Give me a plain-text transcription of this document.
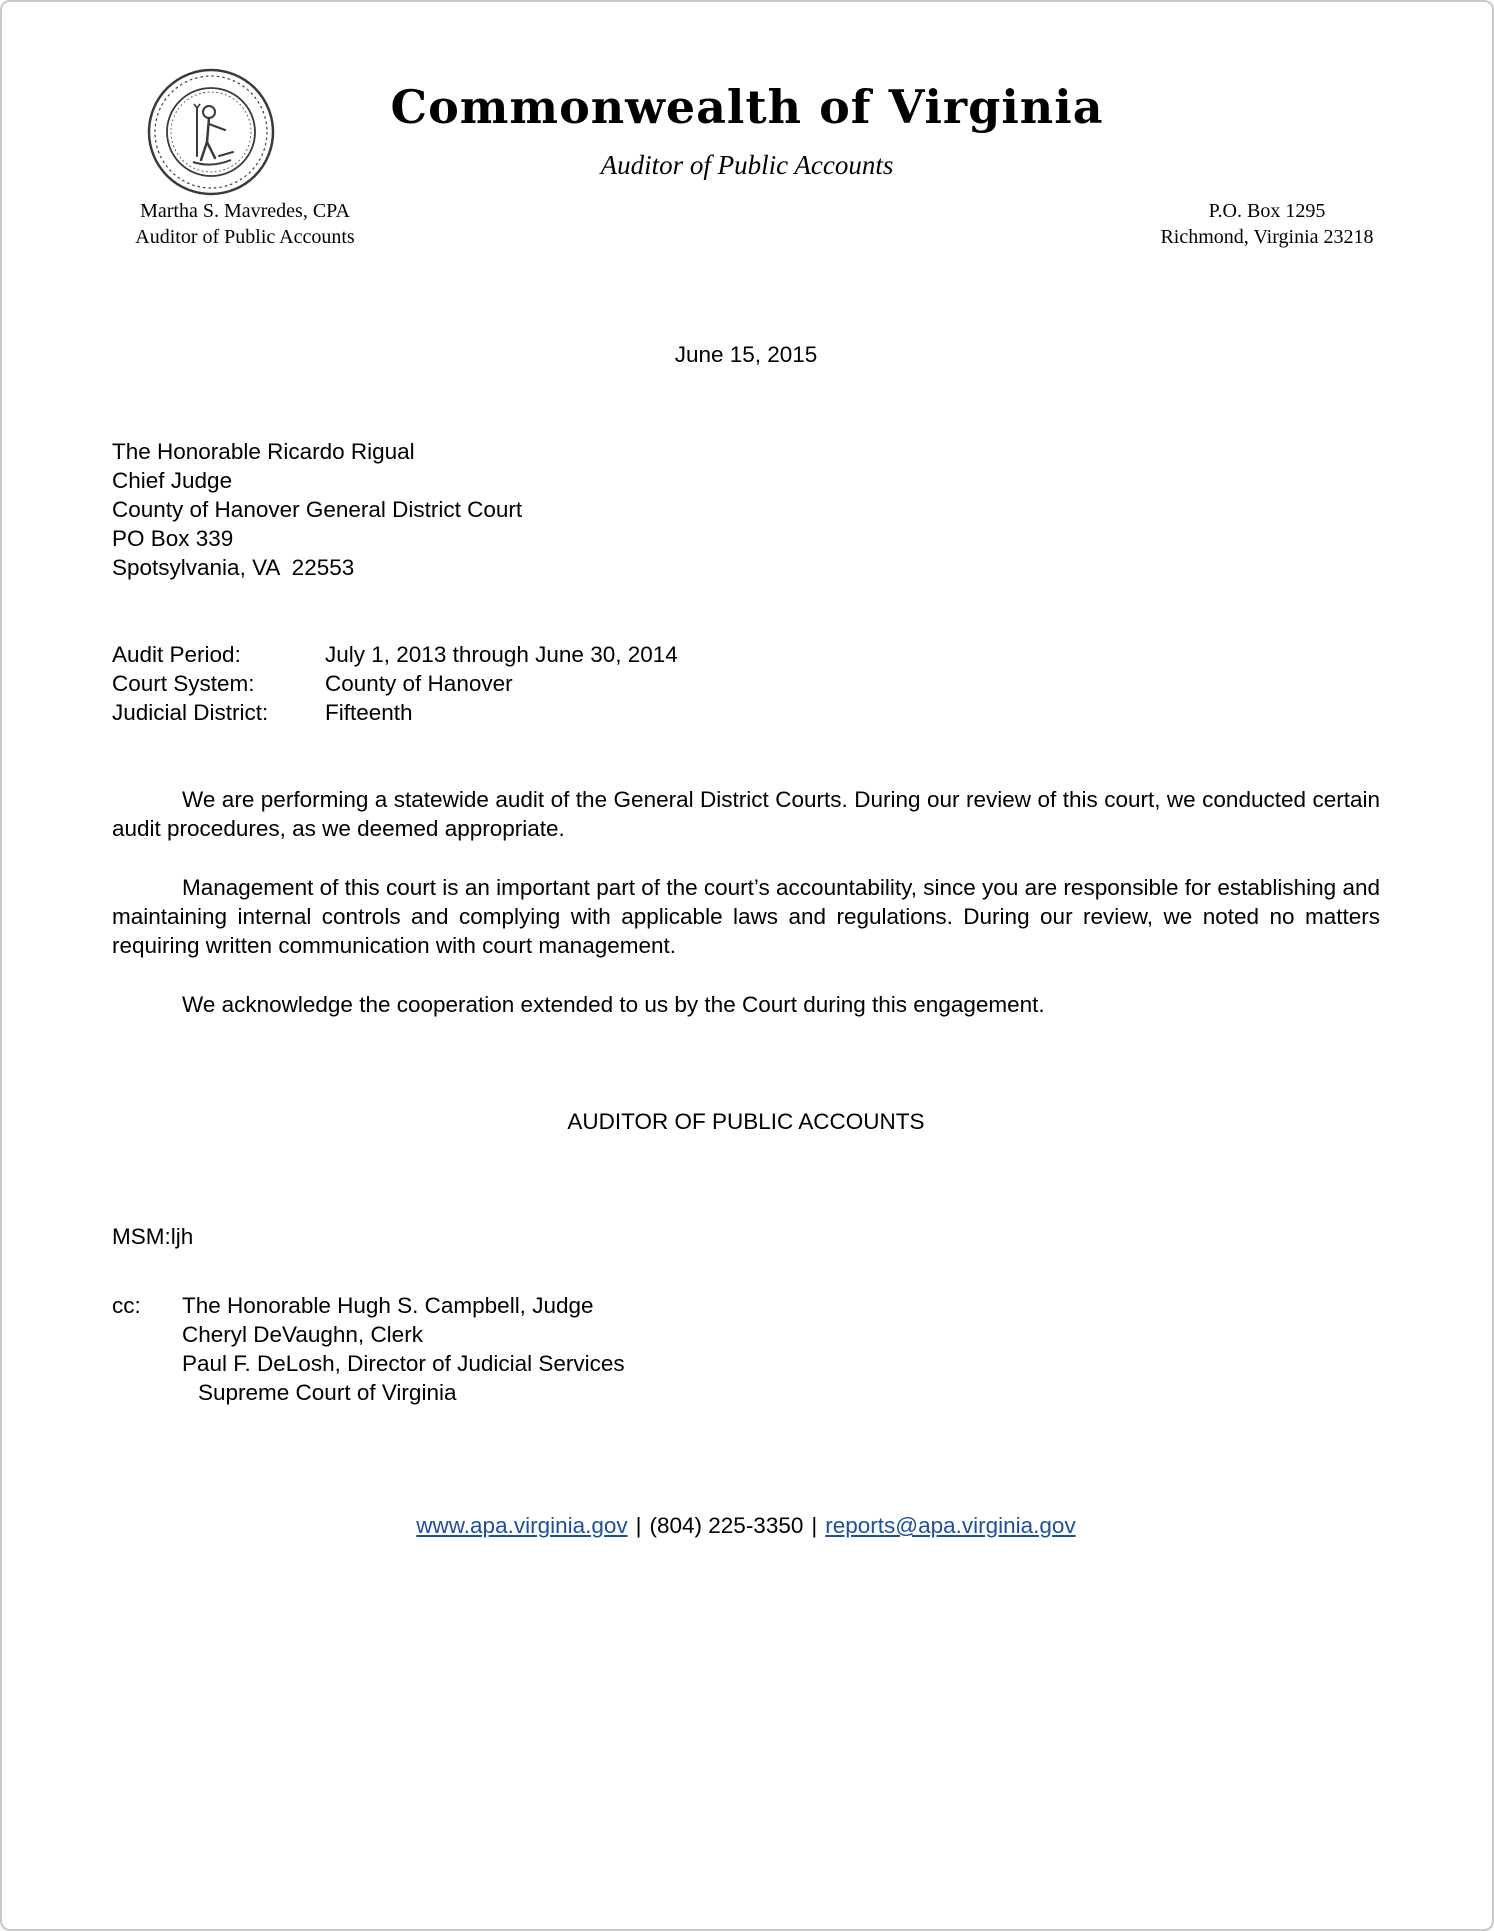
Commonwealth of Virginia
Auditor of Public Accounts
Martha S. Mavredes, CPA
Auditor of Public Accounts
P.O. Box 1295
Richmond, Virginia 23218
June 15, 2015
The Honorable Ricardo Rigual
Chief Judge
County of Hanover General District Court
PO Box 339
Spotsylvania, VA  22553
Audit Period:	July 1, 2013 through June 30, 2014
Court System:	County of Hanover
Judicial District:	Fifteenth

We are performing a statewide audit of the General District Courts. During our review of this court, we conducted certain audit procedures, as we deemed appropriate.

Management of this court is an important part of the court’s accountability, since you are responsible for establishing and maintaining internal controls and complying with applicable laws and regulations. During our review, we noted no matters requiring written communication with court management.

We acknowledge the cooperation extended to us by the Court during this engagement.

AUDITOR OF PUBLIC ACCOUNTS
MSM:ljh
cc:	The Honorable Hugh S. Campbell, Judge
Cheryl DeVaughn, Clerk
Paul F. DeLosh, Director of Judicial Services
Supreme Court of Virginia
www.apa.virginia.gov | (804) 225-3350 | reports@apa.virginia.gov
